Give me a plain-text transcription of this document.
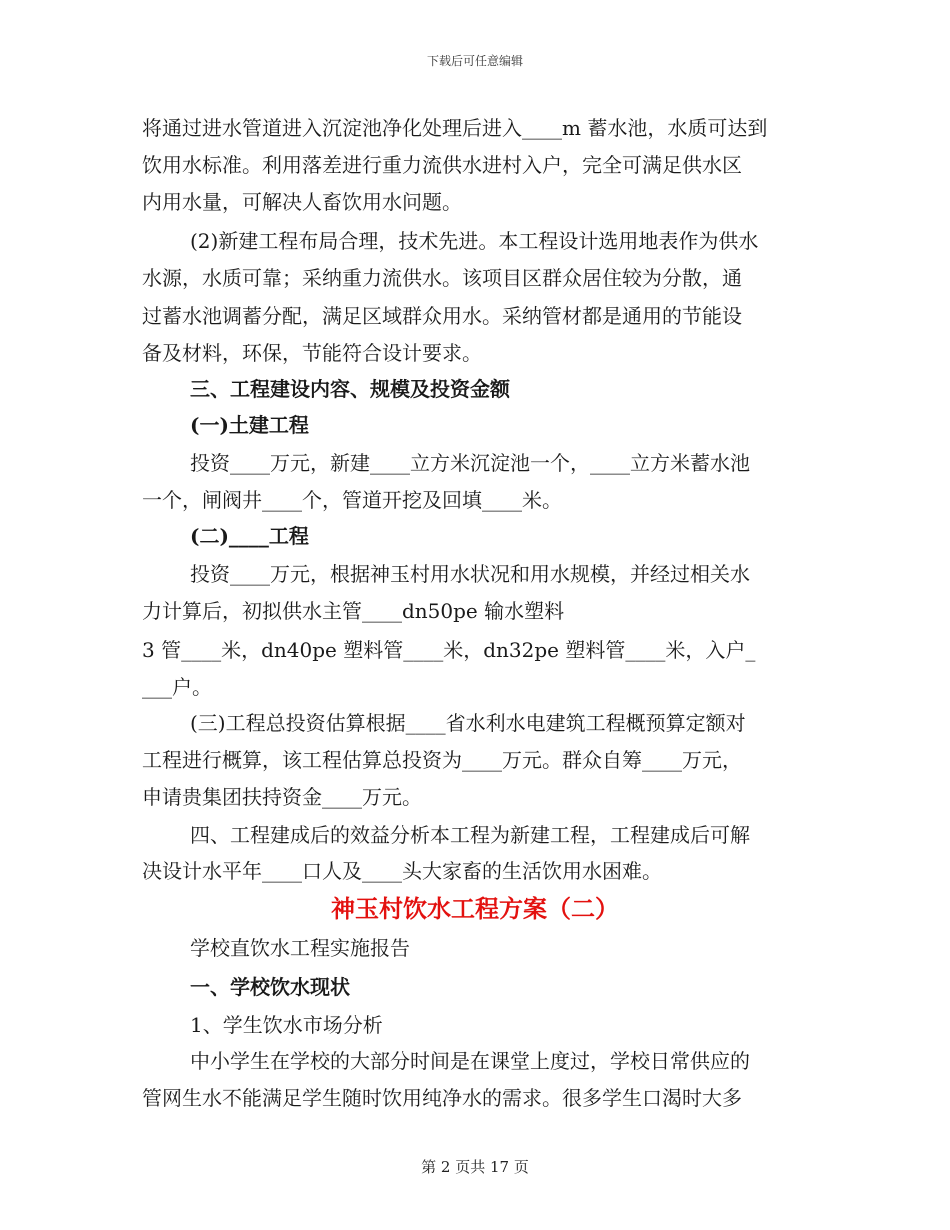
下载后可任意编辑
将通过进水管道进入沉淀池净化处理后进入____m 蓄水池，水质可达到
饮用水标准。利用落差进行重力流供水进村入户，完全可满足供水区
内用水量，可解决人畜饮用水问题。
(2)新建工程布局合理，技术先进。本工程设计选用地表作为供水
水源，水质可靠；采纳重力流供水。该项目区群众居住较为分散，通
过蓄水池调蓄分配，满足区域群众用水。采纳管材都是通用的节能设
备及材料，环保，节能符合设计要求。
三、工程建设内容、规模及投资金额
(一)土建工程
投资____万元，新建____立方米沉淀池一个，____立方米蓄水池
一个，闸阀井____个，管道开挖及回填____米。
(二)____工程
投资____万元，根据神玉村用水状况和用水规模，并经过相关水
力计算后，初拟供水主管____dn50pe 输水塑料
3 管____米，dn40pe 塑料管____米，dn32pe 塑料管____米，入户_
___户。
(三)工程总投资估算根据____省水利水电建筑工程概预算定额对
工程进行概算，该工程估算总投资为____万元。群众自筹____万元，
申请贵集团扶持资金____万元。
四、工程建成后的效益分析本工程为新建工程，工程建成后可解
决设计水平年____口人及____头大家畜的生活饮用水困难。
神玉村饮水工程方案（二）
学校直饮水工程实施报告
一、学校饮水现状
1、学生饮水市场分析
中小学生在学校的大部分时间是在课堂上度过，学校日常供应的
管网生水不能满足学生随时饮用纯净水的需求。很多学生口渴时大多
第 2 页共 17 页
